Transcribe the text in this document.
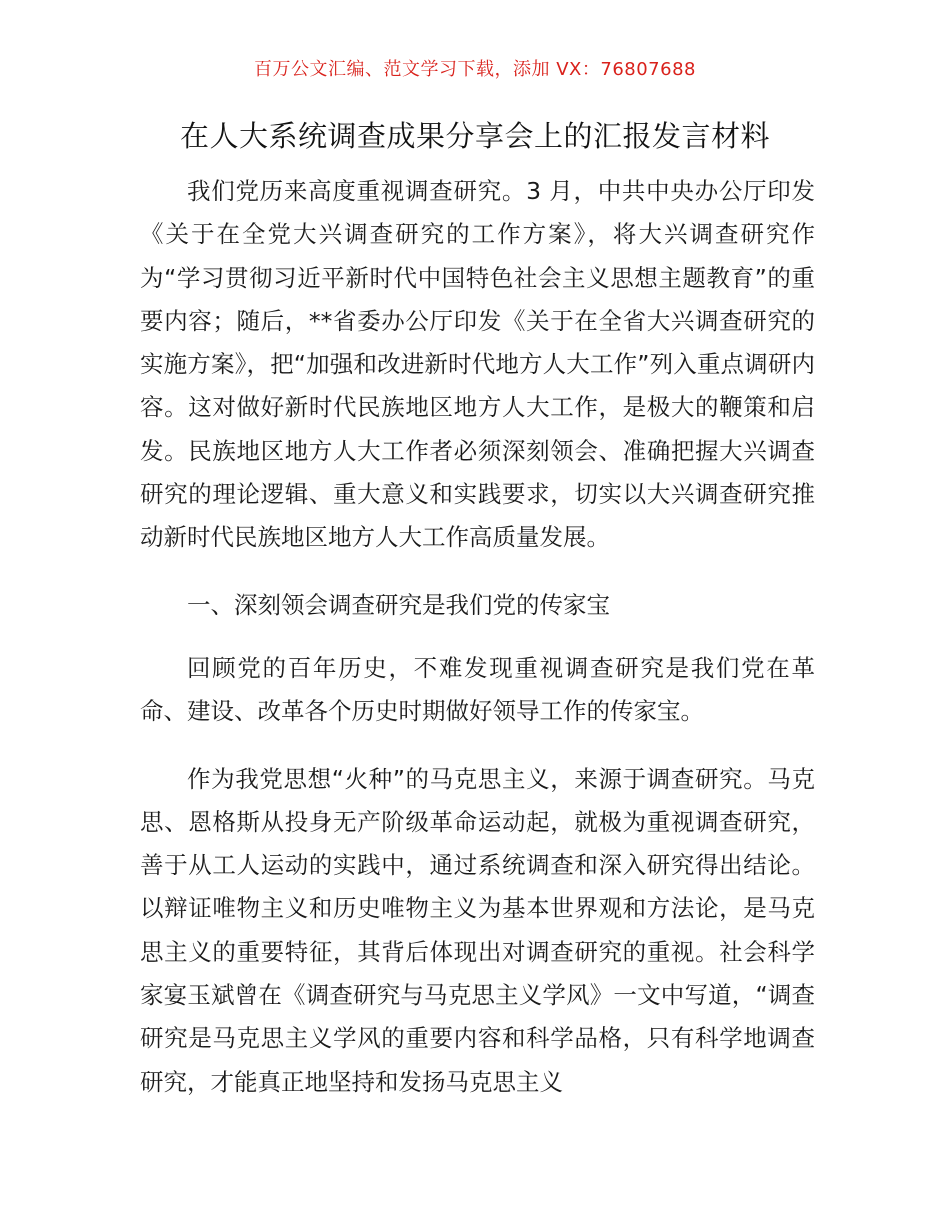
百万公文汇编、范文学习下载，添加 VX：76807688
在人大系统调查成果分享会上的汇报发言材料

我们党历来高度重视调查研究。3 月，中共中央办公厅印发《关于在全党大兴调查研究的工作方案》，将大兴调查研究作为“学习贯彻习近平新时代中国特色社会主义思想主题教育”的重要内容；随后，**省委办公厅印发《关于在全省大兴调查研究的实施方案》，把“加强和改进新时代地方人大工作”列入重点调研内容。这对做好新时代民族地区地方人大工作，是极大的鞭策和启发。民族地区地方人大工作者必须深刻领会、准确把握大兴调查研究的理论逻辑、重大意义和实践要求，切实以大兴调查研究推动新时代民族地区地方人大工作高质量发展。

一、深刻领会调查研究是我们党的传家宝

回顾党的百年历史，不难发现重视调查研究是我们党在革命、建设、改革各个历史时期做好领导工作的传家宝。

作为我党思想“火种”的马克思主义，来源于调查研究。马克思、恩格斯从投身无产阶级革命运动起，就极为重视调查研究，善于从工人运动的实践中，通过系统调查和深入研究得出结论。以辩证唯物主义和历史唯物主义为基本世界观和方法论，是马克思主义的重要特征，其背后体现出对调查研究的重视。社会科学家宴玉斌曾在《调查研究与马克思主义学风》一文中写道，“调查研究是马克思主义学风的重要内容和科学品格，只有科学地调查研究，才能真正地坚持和发扬马克思主义
